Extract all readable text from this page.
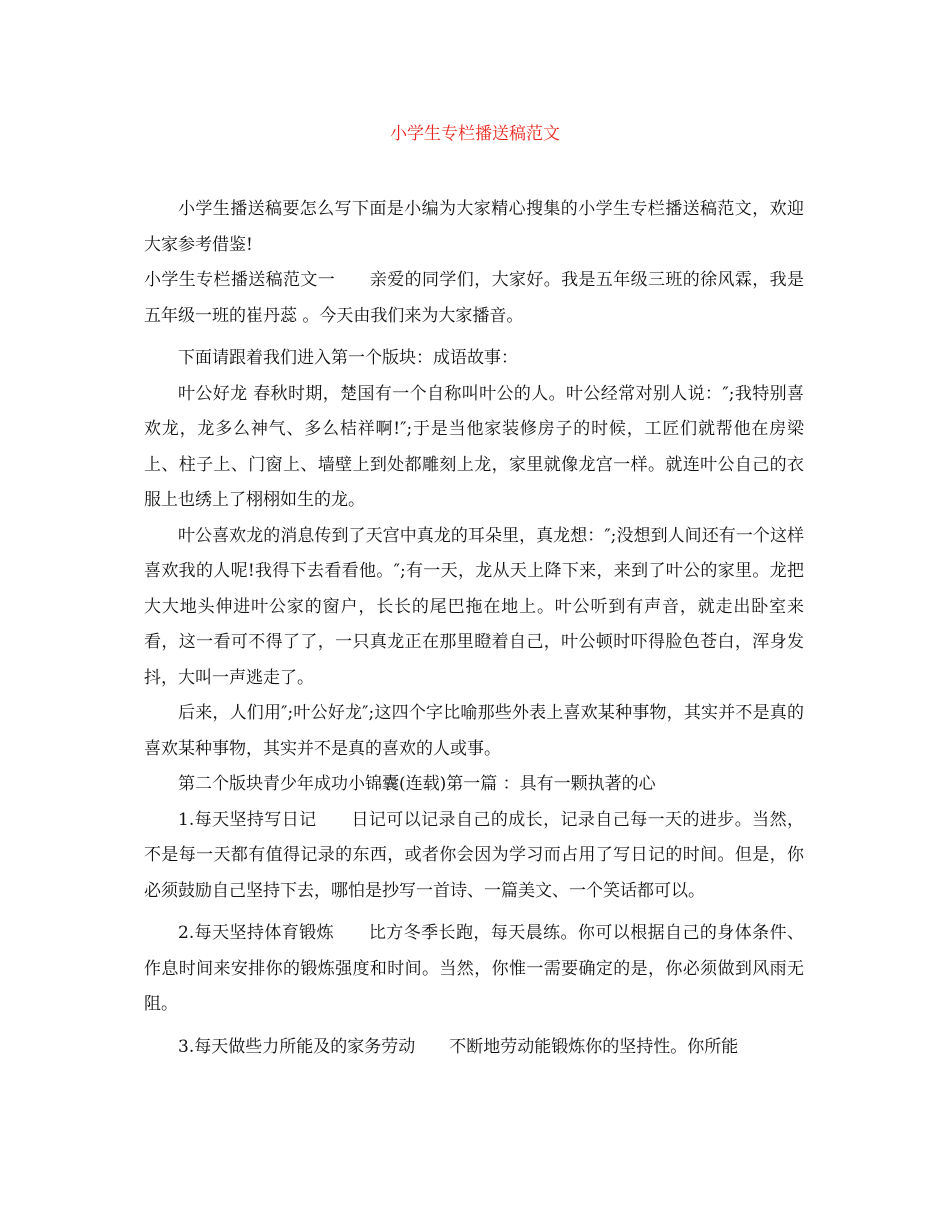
小学生专栏播送稿范文

小学生播送稿要怎么写下面是小编为大家精心搜集的小学生专栏播送稿范文，欢迎大家参考借鉴!

小学生专栏播送稿范文一　　亲爱的同学们，大家好。我是五年级三班的徐风霖，我是五年级一班的崔丹蕊 。今天由我们来为大家播音。

下面请跟着我们进入第一个版块：成语故事：

叶公好龙 春秋时期，楚国有一个自称叫叶公的人。叶公经常对别人说：″;我特别喜欢龙，龙多么神气、多么桔祥啊!″;于是当他家装修房子的时候，工匠们就帮他在房梁上、柱子上、门窗上、墙壁上到处都雕刻上龙，家里就像龙宫一样。就连叶公自己的衣服上也绣上了栩栩如生的龙。

叶公喜欢龙的消息传到了天宫中真龙的耳朵里，真龙想：″;没想到人间还有一个这样喜欢我的人呢!我得下去看看他。″;有一天，龙从天上降下来，来到了叶公的家里。龙把大大地头伸进叶公家的窗户，长长的尾巴拖在地上。叶公听到有声音，就走出卧室来看，这一看可不得了了，一只真龙正在那里瞪着自己，叶公顿时吓得脸色苍白，浑身发抖，大叫一声逃走了。

后来，人们用″;叶公好龙″;这四个字比喻那些外表上喜欢某种事物，其实并不是真的喜欢某种事物，其实并不是真的喜欢的人或事。

第二个版块青少年成功小锦囊(连载)第一篇 ：具有一颗执著的心

1.每天坚持写日记　　日记可以记录自己的成长，记录自己每一天的进步。当然，不是每一天都有值得记录的东西，或者你会因为学习而占用了写日记的时间。但是，你必须鼓励自己坚持下去，哪怕是抄写一首诗、一篇美文、一个笑话都可以。

2.每天坚持体育锻炼　　比方冬季长跑，每天晨练。你可以根据自己的身体条件、作息时间来安排你的锻炼强度和时间。当然，你惟一需要确定的是，你必须做到风雨无阻。

3.每天做些力所能及的家务劳动　　不断地劳动能锻炼你的坚持性。你所能
